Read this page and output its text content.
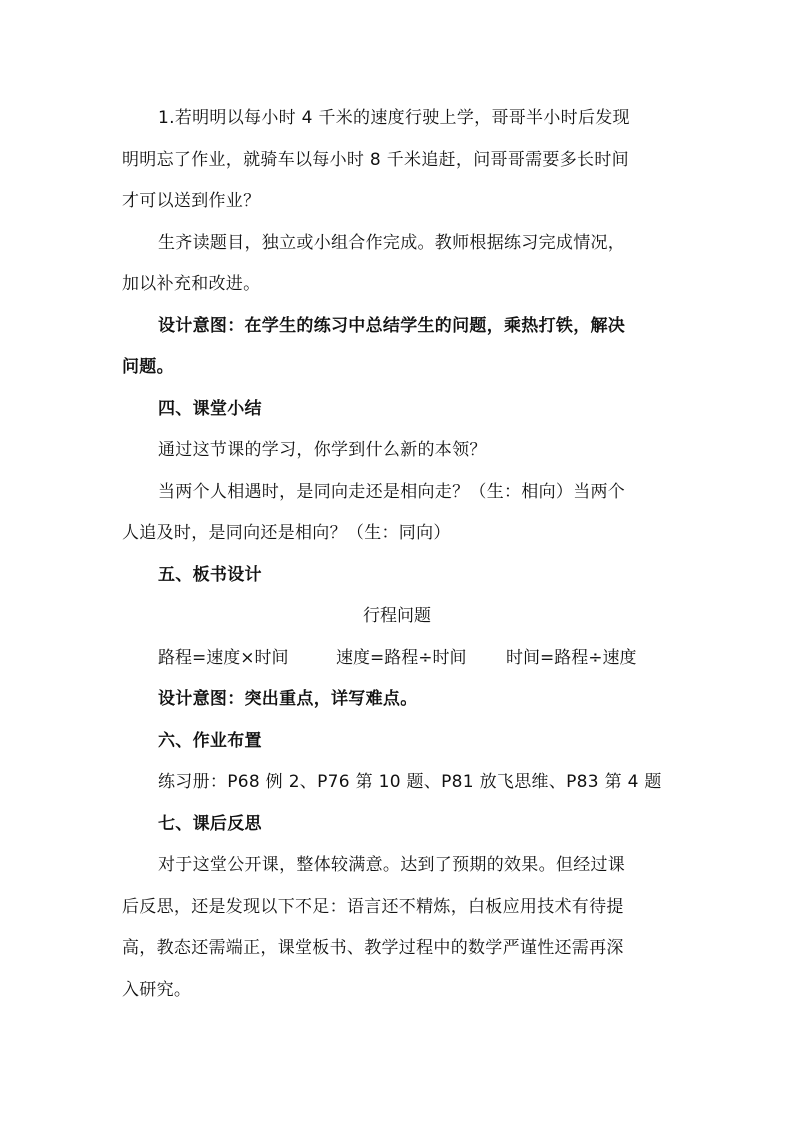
1.若明明以每小时 4 千米的速度行驶上学，哥哥半小时后发现
明明忘了作业，就骑车以每小时 8 千米追赶，问哥哥需要多长时间
才可以送到作业？
生齐读题目，独立或小组合作完成。教师根据练习完成情况，
加以补充和改进。
设计意图：在学生的练习中总结学生的问题，乘热打铁，解决
问题。
四、课堂小结
通过这节课的学习，你学到什么新的本领？
当两个人相遇时，是同向走还是相向走？（生：相向）当两个
人追及时，是同向还是相向？（生：同向）
五、板书设计
行程问题
路程=速度×时间	速度=路程÷时间 时间=路程÷速度
设计意图：突出重点，详写难点。
六、作业布置
练习册：P68 例 2、P76 第 10 题、P81 放飞思维、P83 第 4 题
七、课后反思
对于这堂公开课，整体较满意。达到了预期的效果。但经过课
后反思，还是发现以下不足：语言还不精炼，白板应用技术有待提
高，教态还需端正，课堂板书、教学过程中的数学严谨性还需再深
入研究。
